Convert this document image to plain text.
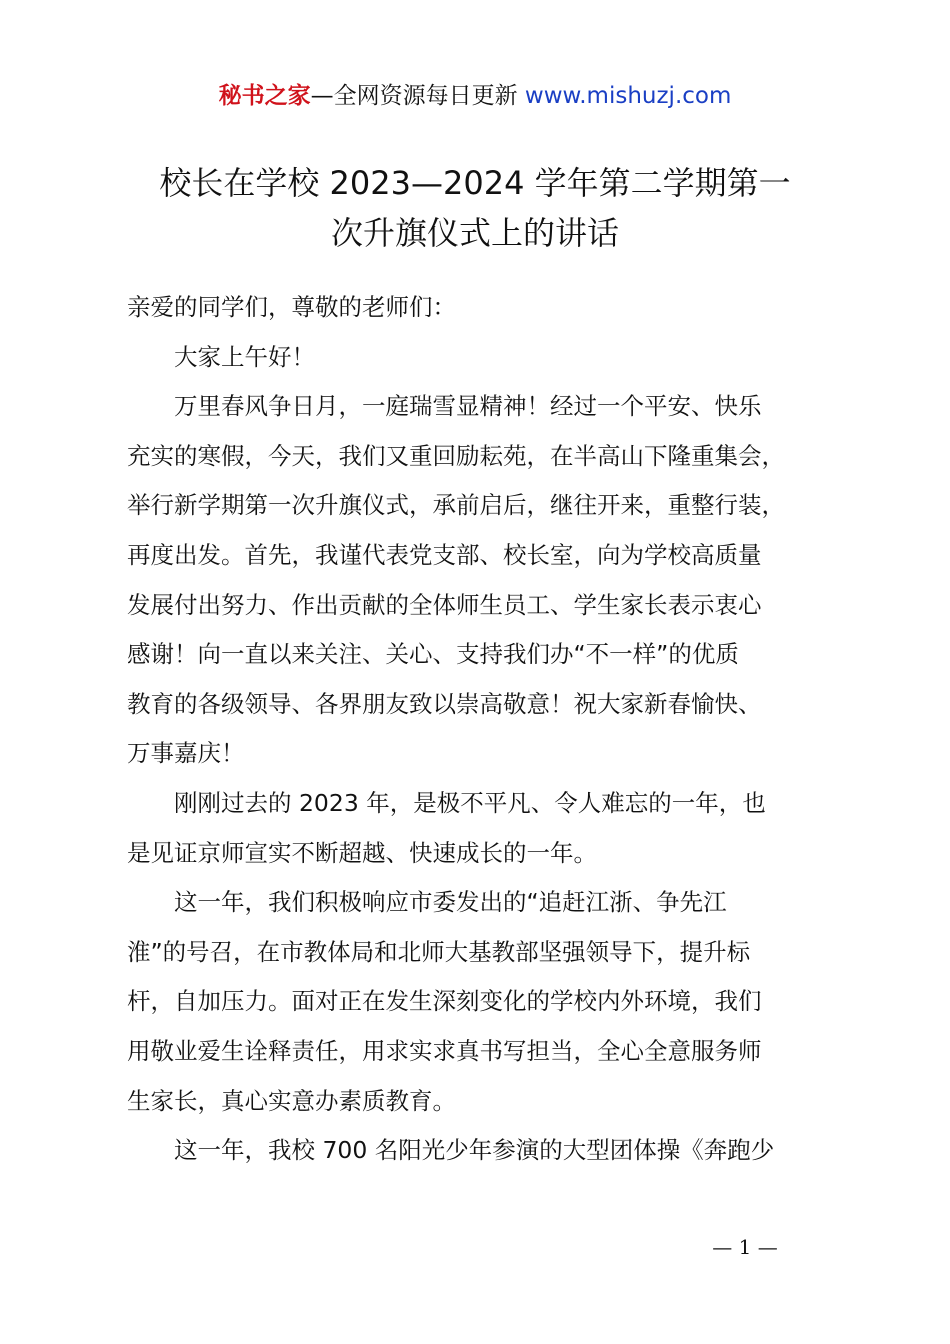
秘书之家—全网资源每日更新 www.mishuzj.com
校长在学校 2023—2024 学年第二学期第一
次升旗仪式上的讲话
亲爱的同学们，尊敬的老师们：
大家上午好！
万里春风争日月，一庭瑞雪显精神！经过一个平安、快乐
充实的寒假，今天，我们又重回励耘苑，在半高山下隆重集会，
举行新学期第一次升旗仪式，承前启后，继往开来，重整行装，
再度出发。首先，我谨代表党支部、校长室，向为学校高质量
发展付出努力、作出贡献的全体师生员工、学生家长表示衷心
感谢！向一直以来关注、关心、支持我们办“不一样”的优质
教育的各级领导、各界朋友致以崇高敬意！祝大家新春愉快、
万事嘉庆！
刚刚过去的 2023 年，是极不平凡、令人难忘的一年，也
是见证京师宣实不断超越、快速成长的一年。
这一年，我们积极响应市委发出的“追赶江浙、争先江
淮”的号召，在市教体局和北师大基教部坚强领导下，提升标
杆，自加压力。面对正在发生深刻变化的学校内外环境，我们
用敬业爱生诠释责任，用求实求真书写担当，全心全意服务师
生家长，真心实意办素质教育。
这一年，我校 700 名阳光少年参演的大型团体操《奔跑少
— 1 —
